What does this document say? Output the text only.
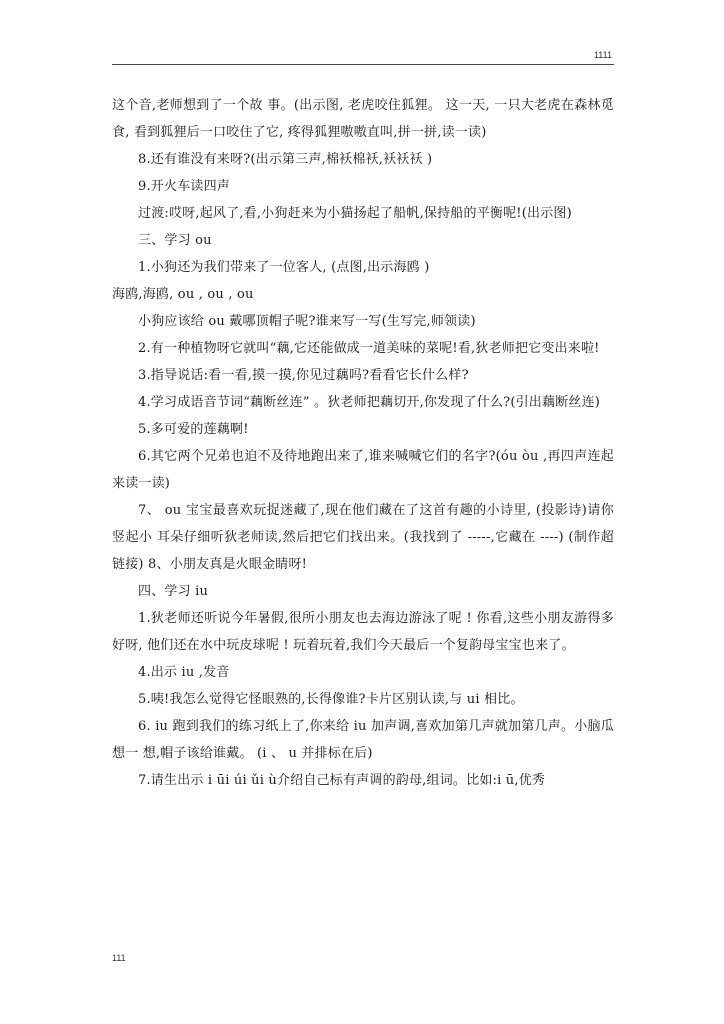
1111

这个音,老师想到了一个故 事。(出示图, 老虎咬住狐狸。 这一天, 一只大老虎在森林觅食, 看到狐狸后一口咬住了它, 疼得狐狸嗷嗷直叫,拼一拼,读一读)

8.还有谁没有来呀?(出示第三声,棉袄棉袄,袄袄袄 )

9.开火车读四声

过渡:哎呀,起风了,看,小狗赶来为小猫扬起了船帆,保持船的平衡呢!(出示图)

三、学习 ou

1.小狗还为我们带来了一位客人, (点图,出示海鸥 )

海鸥,海鸥, ou , ou , ou

小狗应该给 ou 戴哪顶帽子呢?谁来写一写(生写完,师领读)

2.有一种植物呀它就叫“藕,它还能做成一道美味的菜呢!看,狄老师把它变出来啦!

3.指导说话:看一看,摸一摸,你见过藕吗?看看它长什么样?

4.学习成语音节词“藕断丝连” 。狄老师把藕切开,你发现了什么?(引出藕断丝连)

5.多可爱的莲藕啊!

6.其它两个兄弟也迫不及待地跑出来了,谁来喊喊它们的名字?(óu òu ,再四声连起 来读一读)

7、 ou 宝宝最喜欢玩捉迷藏了,现在他们藏在了这首有趣的小诗里, (投影诗)请你竖起小 耳朵仔细听狄老师读,然后把它们找出来。(我找到了 -----,它藏在 ----) (制作超链接) 8、小朋友真是火眼金睛呀!

四、学习 iu

1.狄老师还听说今年暑假,很所小朋友也去海边游泳了呢 ! 你看,这些小朋友游得多好呀, 他们还在水中玩皮球呢 ! 玩着玩着,我们今天最后一个复韵母宝宝也来了。

4.出示 iu ,发音

5.咦!我怎么觉得它怪眼熟的,长得像谁?卡片区别认读,与 ui 相比。

6. iu 跑到我们的练习纸上了,你来给 iu 加声调,喜欢加第几声就加第几声。小脑瓜想一 想,帽子该给谁戴。 (i 、 u 并排标在后)

7.请生出示 i ūi úi ǔi ù介绍自己标有声调的韵母,组词。比如:i ū,优秀

111
